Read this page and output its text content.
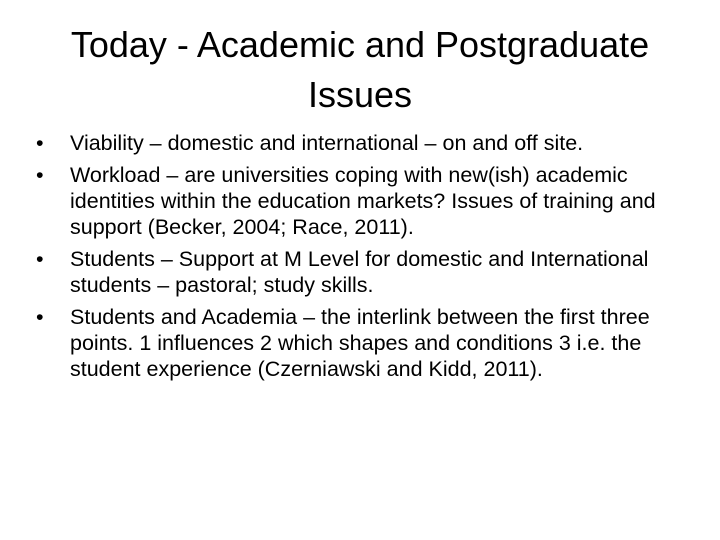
Today - Academic and Postgraduate
Issues
•	Viability – domestic and international – on and off site.
•	Workload – are universities coping with new(ish) academic identities within the education markets? Issues of training and support (Becker, 2004; Race, 2011).
•	Students – Support at M Level for domestic and International students – pastoral; study skills.
•	Students and Academia – the interlink between the first three points. 1 influences 2 which shapes and conditions 3 i.e. the student experience (Czerniawski and Kidd, 2011).
